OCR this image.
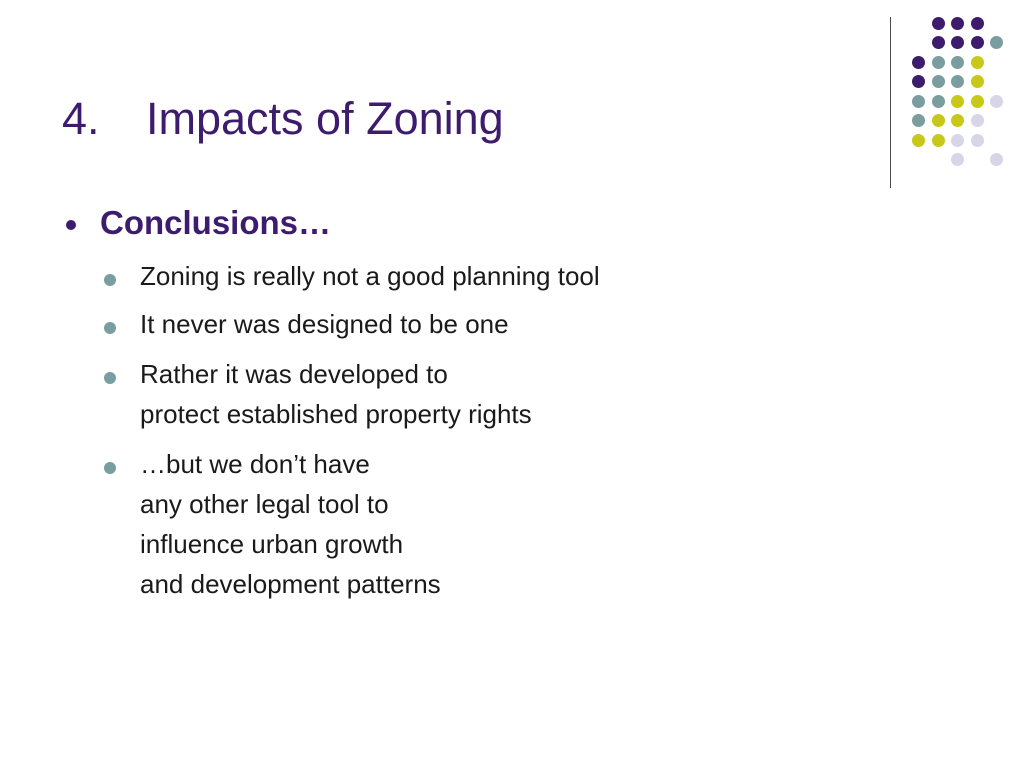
4. Impacts of Zoning
Conclusions…
Zoning is really not a good planning tool
It never was designed to be one
Rather it was developed to
protect established property rights
…but we don’t have
any other legal tool to
influence urban growth
and development patterns
